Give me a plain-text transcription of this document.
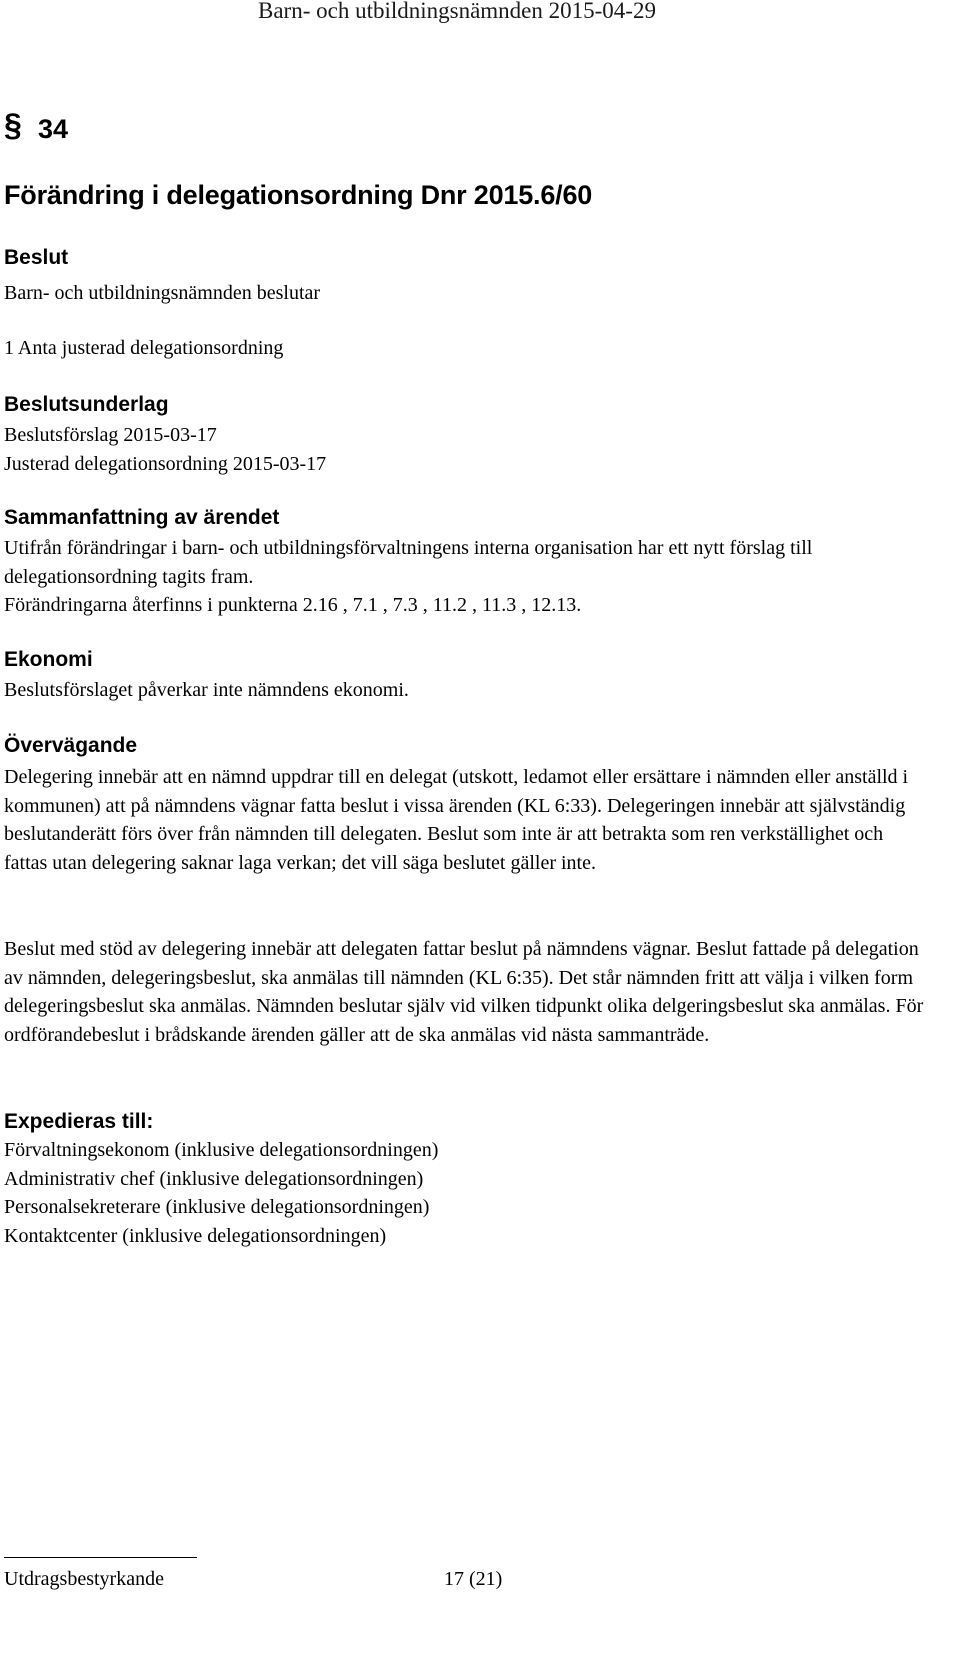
Barn- och utbildningsnämnden 2015-04-29
§ 34
Förändring i delegationsordning Dnr 2015.6/60
Beslut
Barn- och utbildningsnämnden beslutar
1 Anta justerad delegationsordning
Beslutsunderlag
Beslutsförslag 2015-03-17
Justerad delegationsordning 2015-03-17
Sammanfattning av ärendet
Utifrån förändringar i barn- och utbildningsförvaltningens interna organisation har ett nytt förslag till delegationsordning tagits fram.
Förändringarna återfinns i punkterna 2.16 , 7.1 , 7.3 , 11.2 , 11.3 , 12.13.
Ekonomi
Beslutsförslaget påverkar inte nämndens ekonomi.
Övervägande
Delegering innebär att en nämnd uppdrar till en delegat (utskott, ledamot eller ersättare i nämnden eller anställd i kommunen) att på nämndens vägnar fatta beslut i vissa ärenden (KL 6:33). Delegeringen innebär att självständig beslutanderätt förs över från nämnden till delegaten. Beslut som inte är att betrakta som ren verkställighet och fattas utan delegering saknar laga verkan; det vill säga beslutet gäller inte.
Beslut med stöd av delegering innebär att delegaten fattar beslut på nämndens vägnar. Beslut fattade på delegation av nämnden, delegeringsbeslut, ska anmälas till nämnden (KL 6:35). Det står nämnden fritt att välja i vilken form delegeringsbeslut ska anmälas. Nämnden beslutar själv vid vilken tidpunkt olika delgeringsbeslut ska anmälas. För ordförandebeslut i brådskande ärenden gäller att de ska anmälas vid nästa sammanträde.
Expedieras till:
Förvaltningsekonom (inklusive delegationsordningen)
Administrativ chef (inklusive delegationsordningen)
Personalsekreterare (inklusive delegationsordningen)
Kontaktcenter (inklusive delegationsordningen)
Utdragsbestyrkande	17 (21)
